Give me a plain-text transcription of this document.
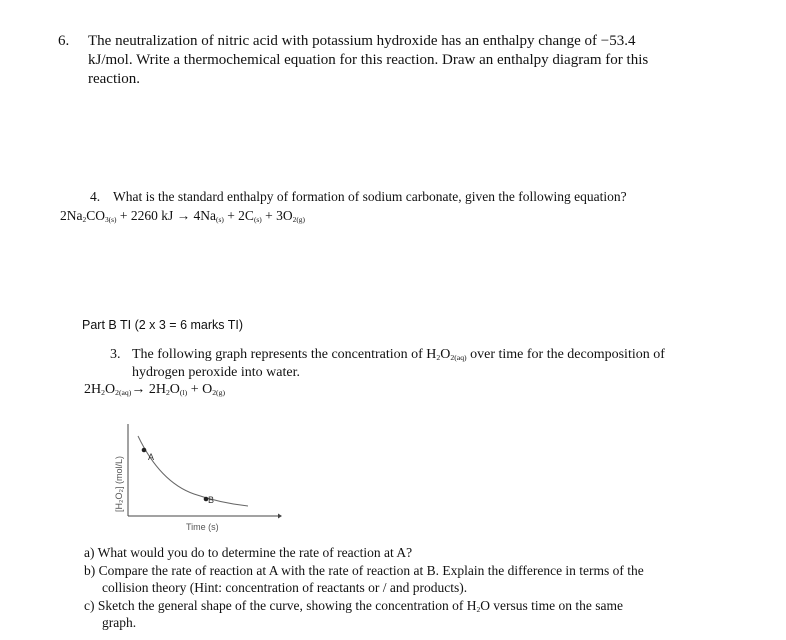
6. The neutralization of nitric acid with potassium hydroxide has an enthalpy change of −53.4
kJ/mol. Write a thermochemical equation for this reaction. Draw an enthalpy diagram for this
reaction.
4. What is the standard enthalpy of formation of sodium carbonate, given the following equation?
$2Na_2CO_{3(s)} + 2260$ kJ → $4Na_{(s)} + 2C_{(s)} + 3O_{2(g)}$
Part B TI (2 x 3 = 6 marks TI)
3. The following graph represents the concentration of $H_2O_{2(aq)}$ over time for the decomposition of
hydrogen peroxide into water.
$2H_2O_{2(aq)}\to 2H_2O_{(l)} + O_{2(g)}$
A
B
Time (s)
[H₂O₂] (mol/L)
a) What would you do to determine the rate of reaction at A?
b) Compare the rate of reaction at A with the rate of reaction at B. Explain the difference in terms of the
collision theory (Hint: concentration of reactants or / and products).
c) Sketch the general shape of the curve, showing the concentration of $H_2O$ versus time on the same
graph.
